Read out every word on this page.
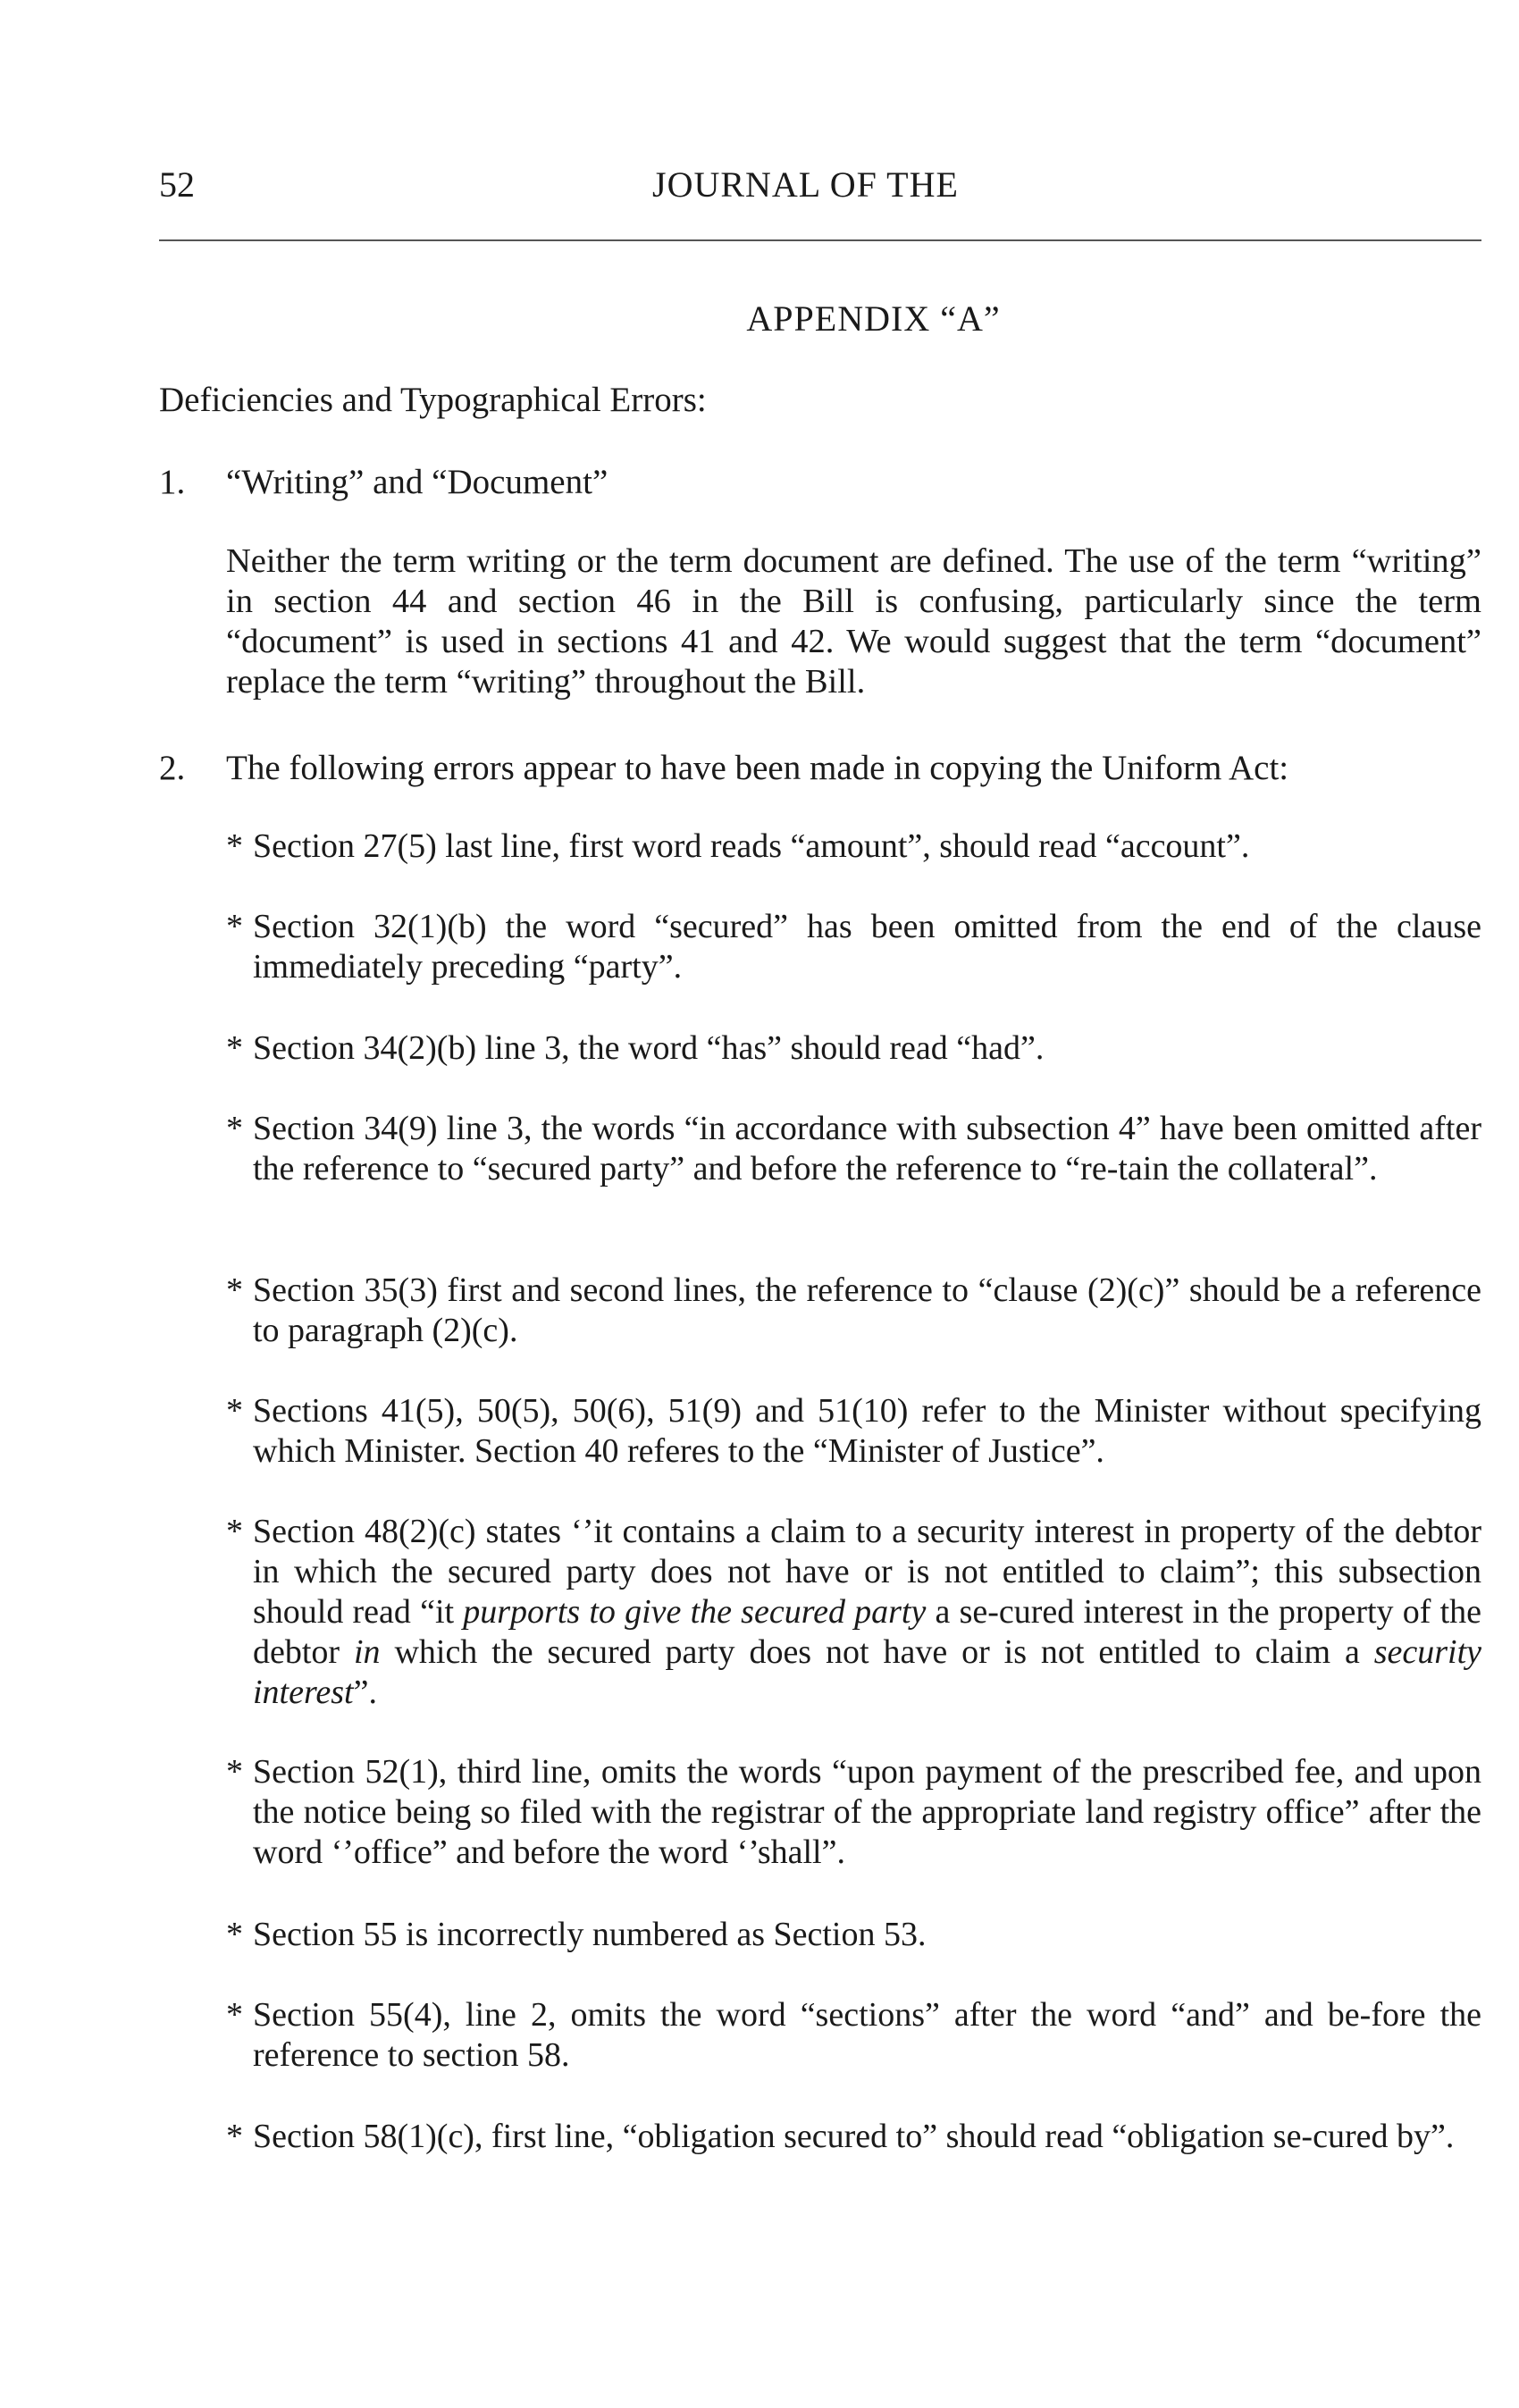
52	JOURNAL OF THE
APPENDIX “A”
Deficiencies and Typographical Errors:
1. “Writing” and “Document”
Neither the term writing or the term document are defined. The use of the term “writing” in section 44 and section 46 in the Bill is confusing, particularly since the term “document” is used in sections 41 and 42. We would suggest that the term “document” replace the term “writing” throughout the Bill.
2. The following errors appear to have been made in copying the Uniform Act:
* Section 27(5) last line, first word reads “amount”, should read “account”.
* Section 32(1)(b) the word “secured” has been omitted from the end of the clause immediately preceding “party”.
* Section 34(2)(b) line 3, the word “has” should read “had”.
* Section 34(9) line 3, the words “in accordance with subsection 4” have been omitted after the reference to “secured party” and before the reference to “re-tain the collateral”.
* Section 35(3) first and second lines, the reference to “clause (2)(c)” should be a reference to paragraph (2)(c).
* Sections 41(5), 50(5), 50(6), 51(9) and 51(10) refer to the Minister without specifying which Minister. Section 40 referes to the “Minister of Justice”.
* Section 48(2)(c) states ‘’it contains a claim to a security interest in property of the debtor in which the secured party does not have or is not entitled to claim”; this subsection should read “it purports to give the secured party a se-cured interest in the property of the debtor in which the secured party does not have or is not entitled to claim a security interest”.
* Section 52(1), third line, omits the words “upon payment of the prescribed fee, and upon the notice being so filed with the registrar of the appropriate land registry office” after the word ‘’office” and before the word ‘’shall”.
* Section 55 is incorrectly numbered as Section 53.
* Section 55(4), line 2, omits the word “sections” after the word “and” and be-fore the reference to section 58.
* Section 58(1)(c), first line, “obligation secured to” should read “obligation se-cured by”.
